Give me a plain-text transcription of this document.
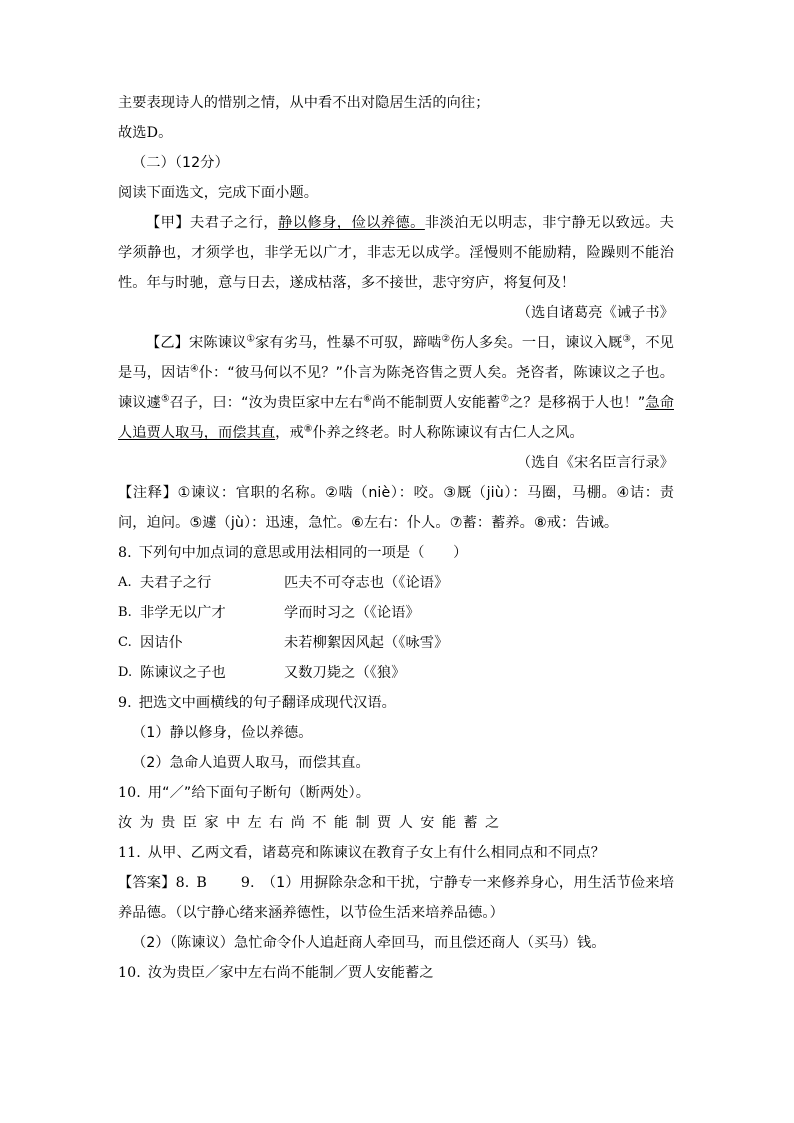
主要表现诗人的惜别之情，从中看不出对隐居生活的向往；
故选D。
（二）（12分）
阅读下面选文，完成下面小题。
【甲】夫君子之行，静以修身，俭以养德。非淡泊无以明志，非宁静无以致远。夫学须静也，才须学也，非学无以广才，非志无以成学。淫慢则不能励精，险躁则不能治性。年与时驰，意与日去，遂成枯落，多不接世，悲守穷庐，将复何及！
（选自诸葛亮《诫子书》
【乙】宋陈谏议①家有劣马，性暴不可驭，蹄啮②伤人多矣。一日，谏议入厩③，不见是马，因诘④仆：“彼马何以不见？”仆言为陈尧咨售之贾人矣。尧咨者，陈谏议之子也。谏议遽⑤召子，曰：“汝为贵臣家中左右⑥尚不能制贾人安能蓄⑦之？是移祸于人也！”急命人追贾人取马，而偿其直，戒⑧仆养之终老。时人称陈谏议有古仁人之风。
（选自《宋名臣言行录》
【注释】①谏议：官职的名称。②啮（niè）：咬。③厩（jiù）：马圈，马棚。④诘：责问，迫问。⑤遽（jù）：迅速，急忙。⑥左右：仆人。⑦蓄：蓄养。⑧戒：告诫。
8. 下列句中加点词的意思或用法相同的一项是（　　）
A. 夫君子之行	匹夫不可夺志也（《论语》
B. 非学无以广才	学而时习之（《论语》
C. 因诘仆	未若柳絮因风起（《咏雪》
D. 陈谏议之子也	又数刀毙之（《狼》
9. 把选文中画横线的句子翻译成现代汉语。
（1）静以修身，俭以养德。
（2）急命人追贾人取马，而偿其直。
10. 用“／”给下面句子断句（断两处）。
汝为贵臣家中左右尚不能制贾人安能蓄之
11. 从甲、乙两文看，诸葛亮和陈谏议在教育子女上有什么相同点和不同点？
【答案】8. B 9. （1）用摒除杂念和干扰，宁静专一来修养身心，用生活节俭来培养品德。（以宁静心绪来涵养德性，以节俭生活来培养品德。）
（2）（陈谏议）急忙命令仆人追赶商人牵回马，而且偿还商人（买马）钱。
10. 汝为贵臣／家中左右尚不能制／贾人安能蓄之
